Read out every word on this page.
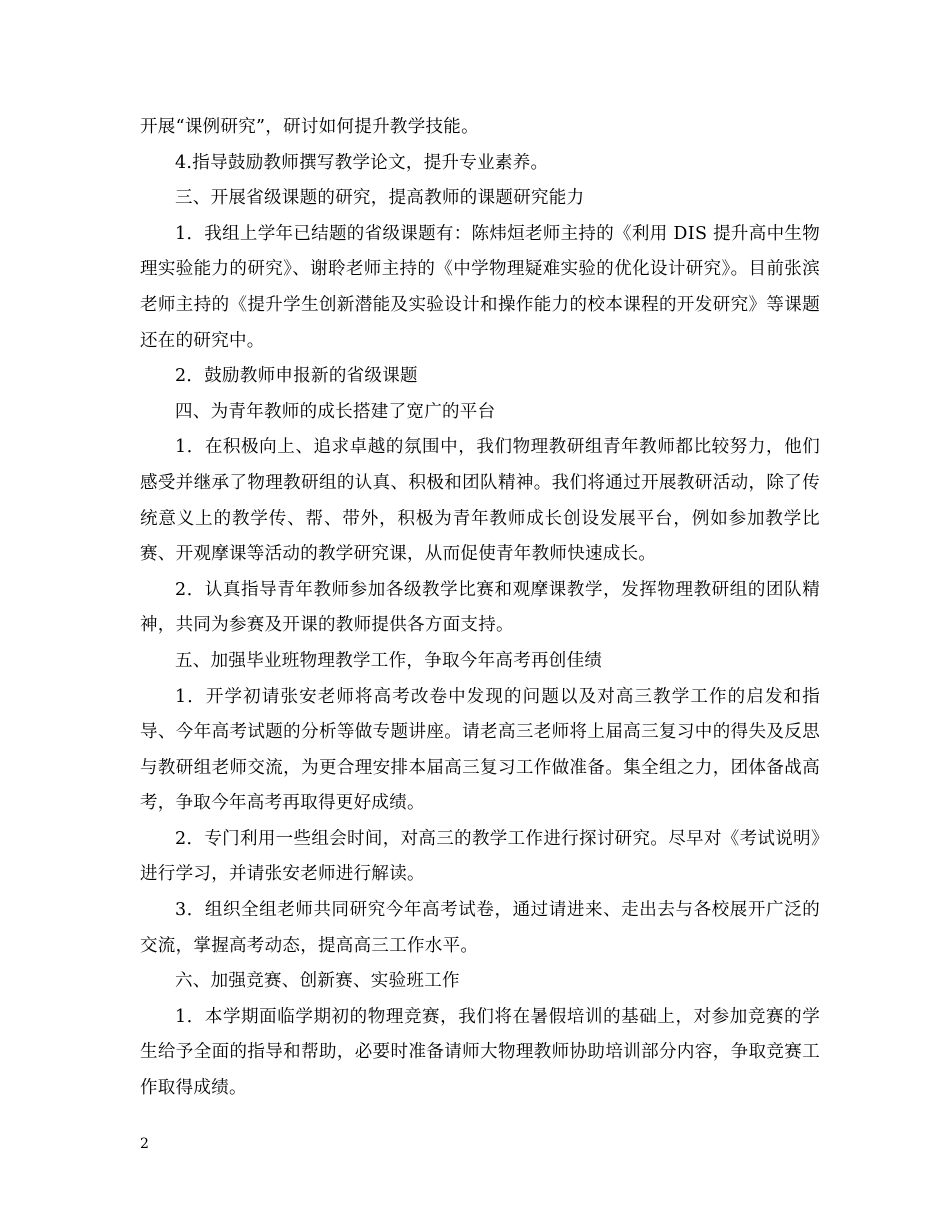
开展“课例研究”，研讨如何提升教学技能。

4.指导鼓励教师撰写教学论文，提升专业素养。

三、开展省级课题的研究，提高教师的课题研究能力

1．我组上学年已结题的省级课题有：陈炜烜老师主持的《利用 DIS 提升高中生物理实验能力的研究》、谢聆老师主持的《中学物理疑难实验的优化设计研究》。目前张滨老师主持的《提升学生创新潜能及实验设计和操作能力的校本课程的开发研究》等课题还在的研究中。

2．鼓励教师申报新的省级课题

四、为青年教师的成长搭建了宽广的平台

1．在积极向上、追求卓越的氛围中，我们物理教研组青年教师都比较努力，他们感受并继承了物理教研组的认真、积极和团队精神。我们将通过开展教研活动，除了传统意义上的教学传、帮、带外，积极为青年教师成长创设发展平台，例如参加教学比赛、开观摩课等活动的教学研究课，从而促使青年教师快速成长。

2．认真指导青年教师参加各级教学比赛和观摩课教学，发挥物理教研组的团队精神，共同为参赛及开课的教师提供各方面支持。

五、加强毕业班物理教学工作，争取今年高考再创佳绩

1．开学初请张安老师将高考改卷中发现的问题以及对高三教学工作的启发和指导、今年高考试题的分析等做专题讲座。请老高三老师将上届高三复习中的得失及反思与教研组老师交流，为更合理安排本届高三复习工作做准备。集全组之力，团体备战高考，争取今年高考再取得更好成绩。

2．专门利用一些组会时间，对高三的教学工作进行探讨研究。尽早对《考试说明》进行学习，并请张安老师进行解读。

3．组织全组老师共同研究今年高考试卷，通过请进来、走出去与各校展开广泛的交流，掌握高考动态，提高高三工作水平。

六、加强竞赛、创新赛、实验班工作

1．本学期面临学期初的物理竞赛，我们将在暑假培训的基础上，对参加竞赛的学生给予全面的指导和帮助，必要时准备请师大物理教师协助培训部分内容，争取竞赛工作取得成绩。

2
